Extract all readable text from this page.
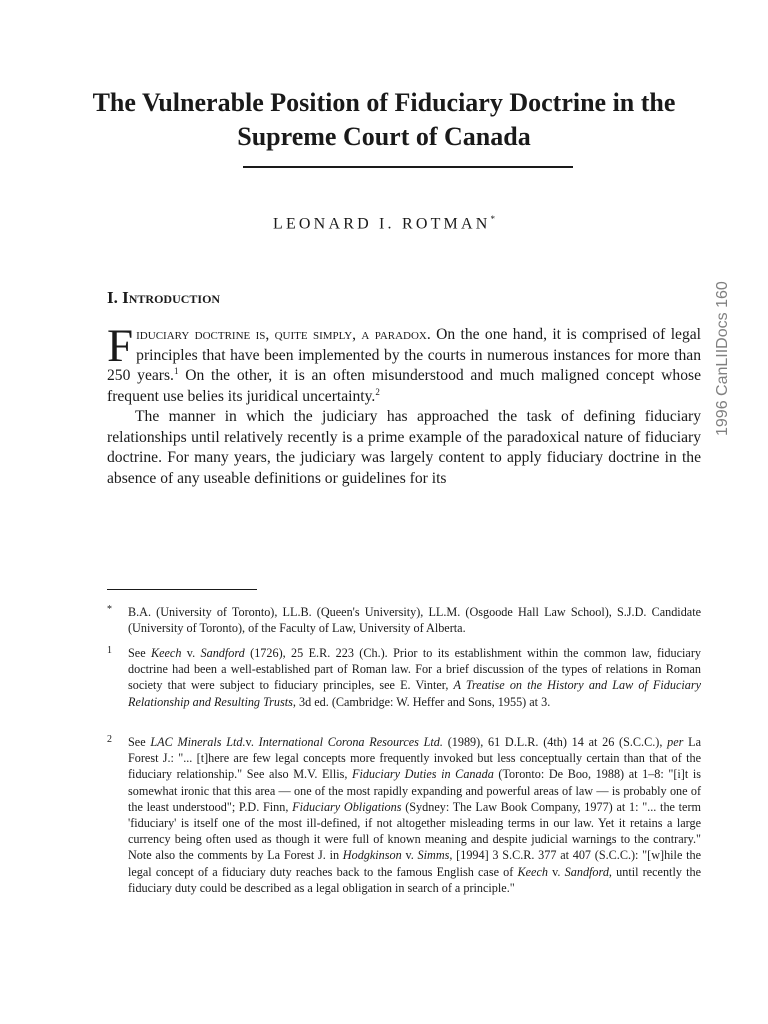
The Vulnerable Position of Fiduciary Doctrine in the Supreme Court of Canada
LEONARD I. ROTMAN*
1996 CanLIIDocs 160
I. Introduction

Fiduciary doctrine is, quite simply, a paradox. On the one hand, it is comprised of legal principles that have been implemented by the courts in numerous instances for more than 250 years.$^1$ On the other, it is an often misunderstood and much maligned concept whose frequent use belies its juridical uncertainty.$^2$

The manner in which the judiciary has approached the task of defining fiduciary relationships until relatively recently is a prime example of the paradoxical nature of fiduciary doctrine. For many years, the judiciary was largely content to apply fiduciary doctrine in the absence of any useable definitions or guidelines for its

* B.A. (University of Toronto), LL.B. (Queen's University), LL.M. (Osgoode Hall Law School), S.J.D. Candidate (University of Toronto), of the Faculty of Law, University of Alberta.
1 See Keech v. Sandford (1726), 25 E.R. 223 (Ch.). Prior to its establishment within the common law, fiduciary doctrine had been a well-established part of Roman law. For a brief discussion of the types of relations in Roman society that were subject to fiduciary principles, see E. Vinter, A Treatise on the History and Law of Fiduciary Relationship and Resulting Trusts, 3d ed. (Cambridge: W. Heffer and Sons, 1955) at 3.
2 See LAC Minerals Ltd.v. International Corona Resources Ltd. (1989), 61 D.L.R. (4th) 14 at 26 (S.C.C.), per La Forest J.: "... [t]here are few legal concepts more frequently invoked but less conceptually certain than that of the fiduciary relationship." See also M.V. Ellis, Fiduciary Duties in Canada (Toronto: De Boo, 1988) at 1–8: "[i]t is somewhat ironic that this area — one of the most rapidly expanding and powerful areas of law — is probably one of the least understood"; P.D. Finn, Fiduciary Obligations (Sydney: The Law Book Company, 1977) at 1: "... the term 'fiduciary' is itself one of the most ill-defined, if not altogether misleading terms in our law. Yet it retains a large currency being often used as though it were full of known meaning and despite judicial warnings to the contrary." Note also the comments by La Forest J. in Hodgkinson v. Simms, [1994] 3 S.C.R. 377 at 407 (S.C.C.): "[w]hile the legal concept of a fiduciary duty reaches back to the famous English case of Keech v. Sandford, until recently the fiduciary duty could be described as a legal obligation in search of a principle."
